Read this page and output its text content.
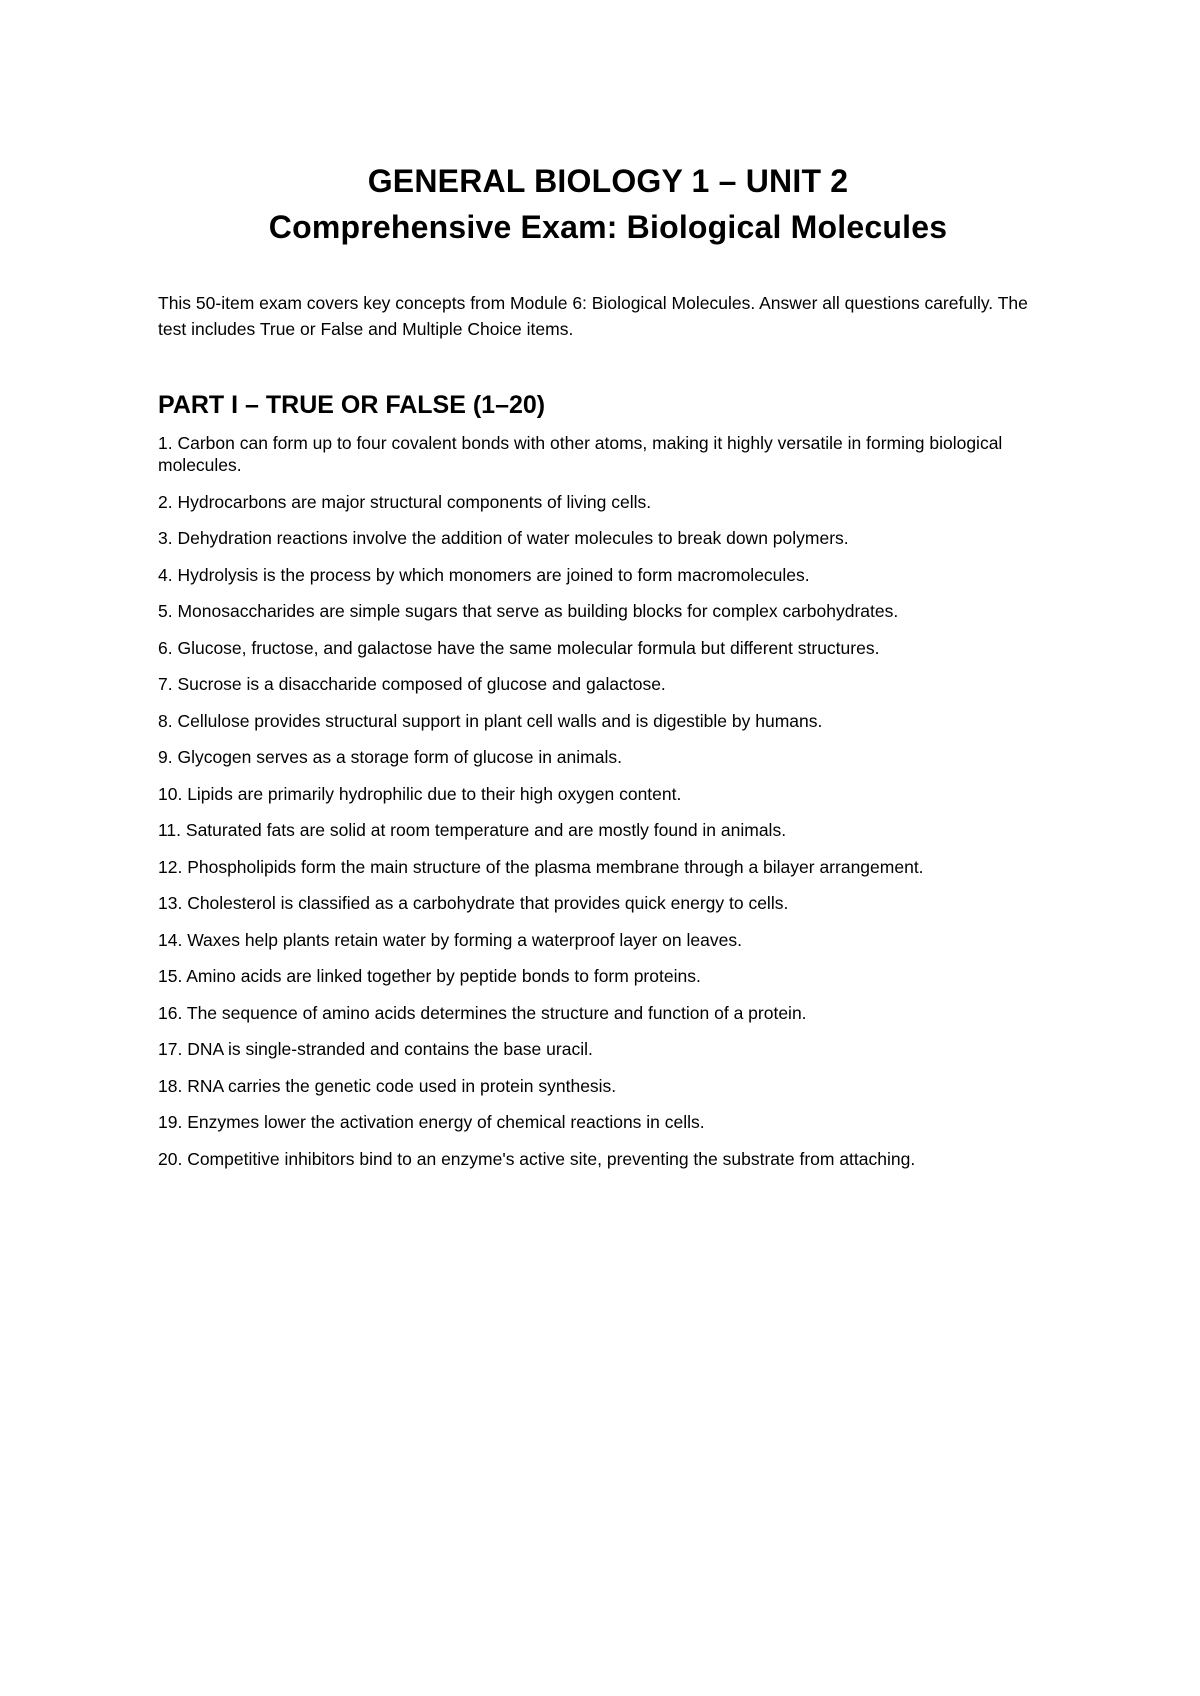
GENERAL BIOLOGY 1 – UNIT 2
Comprehensive Exam: Biological Molecules

This 50-item exam covers key concepts from Module 6: Biological Molecules. Answer all questions carefully. The test includes True or False and Multiple Choice items.

PART I – TRUE OR FALSE (1–20)
1. Carbon can form up to four covalent bonds with other atoms, making it highly versatile in forming biological molecules.
2. Hydrocarbons are major structural components of living cells.
3. Dehydration reactions involve the addition of water molecules to break down polymers.
4. Hydrolysis is the process by which monomers are joined to form macromolecules.
5. Monosaccharides are simple sugars that serve as building blocks for complex carbohydrates.
6. Glucose, fructose, and galactose have the same molecular formula but different structures.
7. Sucrose is a disaccharide composed of glucose and galactose.
8. Cellulose provides structural support in plant cell walls and is digestible by humans.
9. Glycogen serves as a storage form of glucose in animals.
10. Lipids are primarily hydrophilic due to their high oxygen content.
11. Saturated fats are solid at room temperature and are mostly found in animals.
12. Phospholipids form the main structure of the plasma membrane through a bilayer arrangement.
13. Cholesterol is classified as a carbohydrate that provides quick energy to cells.
14. Waxes help plants retain water by forming a waterproof layer on leaves.
15. Amino acids are linked together by peptide bonds to form proteins.
16. The sequence of amino acids determines the structure and function of a protein.
17. DNA is single-stranded and contains the base uracil.
18. RNA carries the genetic code used in protein synthesis.
19. Enzymes lower the activation energy of chemical reactions in cells.
20. Competitive inhibitors bind to an enzyme's active site, preventing the substrate from attaching.
